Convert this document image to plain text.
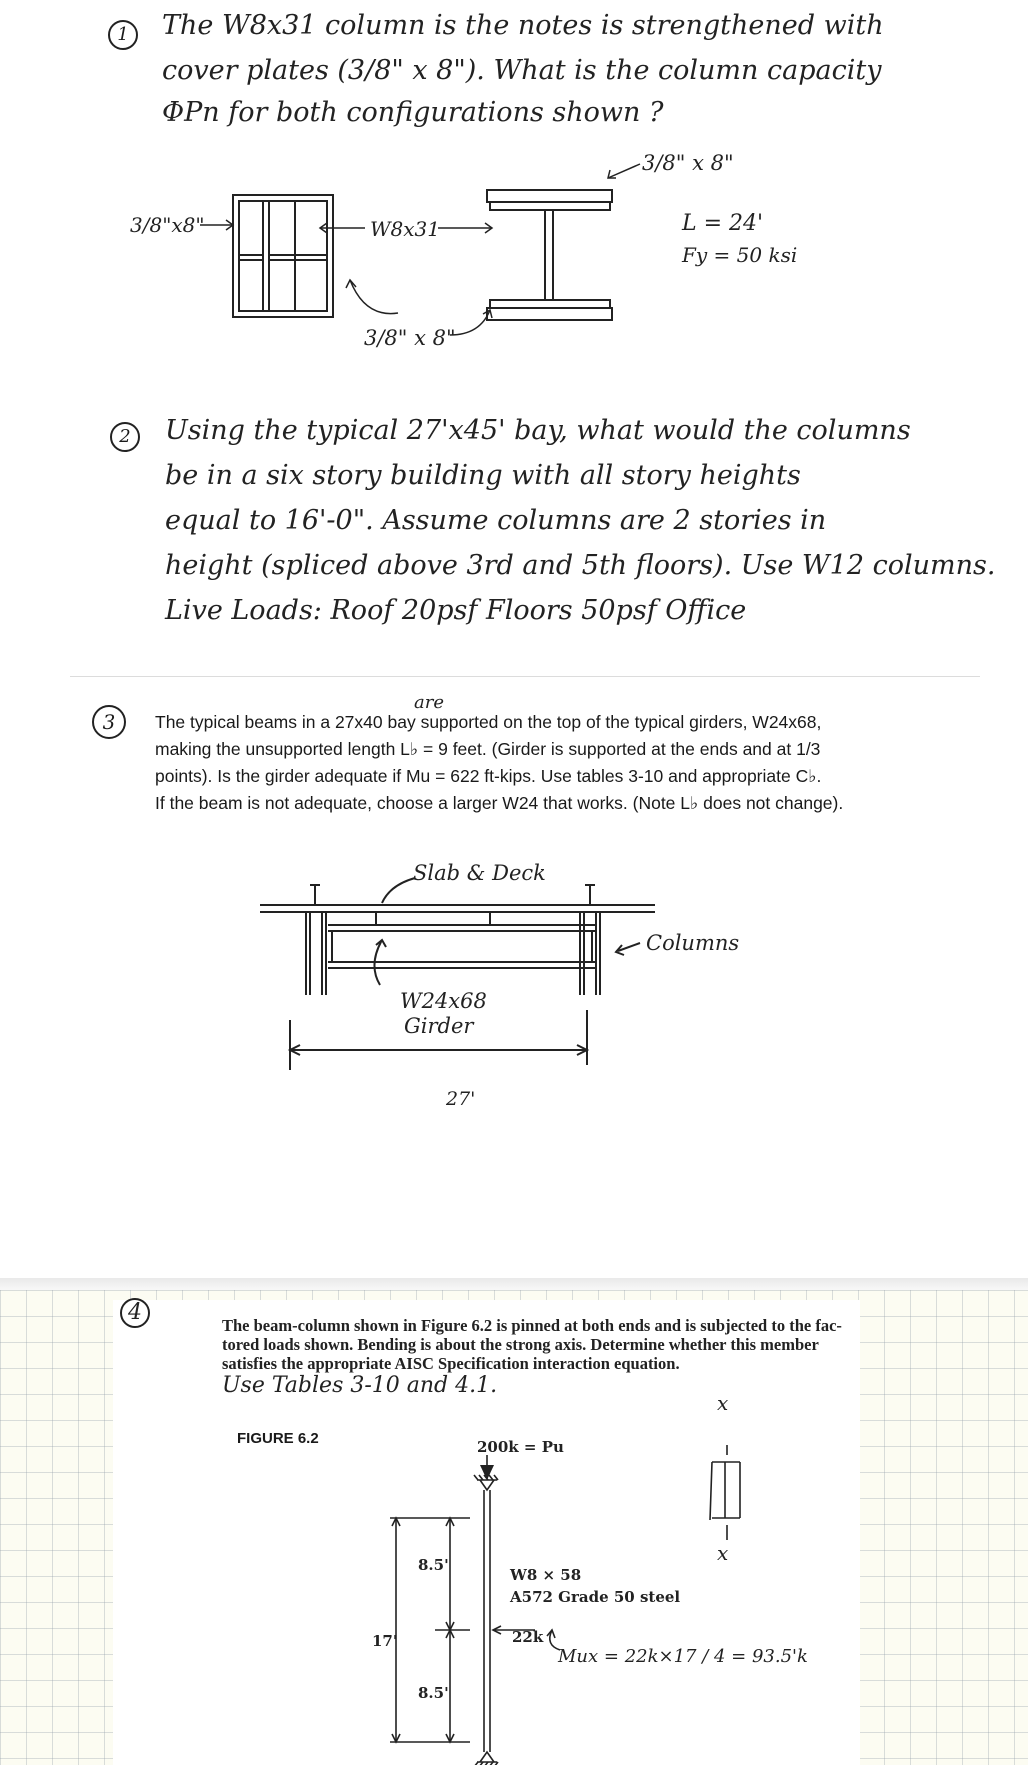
1	The W8x31 column is the notes is strengthened with
cover plates (3/8" x 8"). What is the column capacity
ΦPn for both configurations shown ?
3/8" x 8"
3/8"x8"	W8x31
3/8" x 8"
L = 24'
Fy = 50 ksi
2	Using the typical 27'x45' bay, what would the columns
be in a six story building with all story heights
equal to 16'-0". Assume columns are 2 stories in
height (spliced above 3rd and 5th floors). Use W12 columns.
Live Loads: Roof 20psf Floors 50psf Office
3
are
The typical beams in a 27x40 bay supported on the top of the typical girders, W24x68,
making the unsupported length L♭ = 9 feet. (Girder is supported at the ends and at 1/3
points). Is the girder adequate if Mu = 622 ft-kips. Use tables 3-10 and appropriate C♭.
If the beam is not adequate, choose a larger W24 that works. (Note L♭ does not change).
Slab & Deck
W24x68
Girder
Columns
27'
4
The beam-column shown in Figure 6.2 is pinned at both ends and is subjected to the fac-
tored loads shown. Bending is about the strong axis. Determine whether this member
satisfies the appropriate AISC Specification interaction equation.
Use Tables 3-10 and 4.1.
FIGURE 6.2	200k = Pu
W8 × 58
A572 Grade 50 steel
17'
8.5'
8.5'
22k
Mux = 22k×17 / 4 = 93.5'k
x
x
